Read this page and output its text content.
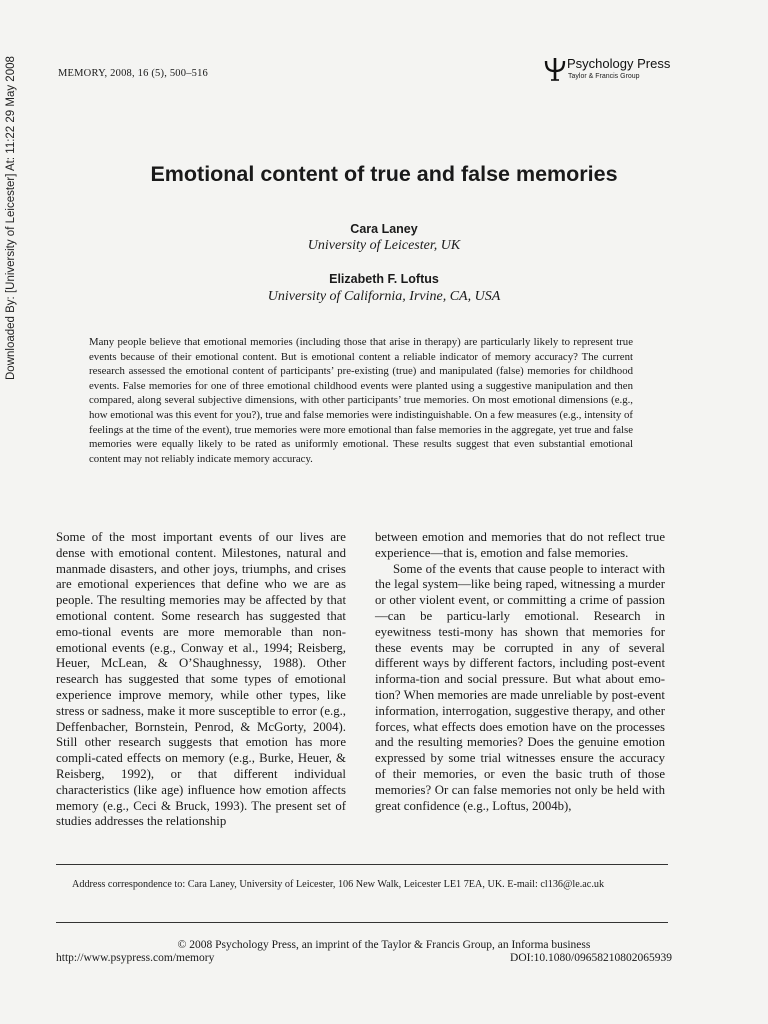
Downloaded By: [University of Leicester] At: 11:22 29 May 2008	MEMORY, 2008, 16 (5), 500–516
Psychology Press
Taylor & Francis Group
Emotional content of true and false memories
Cara Laney
University of Leicester, UK
Elizabeth F. Loftus
University of California, Irvine, CA, USA

Many people believe that emotional memories (including those that arise in therapy) are particularly likely to represent true events because of their emotional content. But is emotional content a reliable indicator of memory accuracy? The current research assessed the emotional content of participants’ pre-existing (true) and manipulated (false) memories for childhood events. False memories for one of three emotional childhood events were planted using a suggestive manipulation and then compared, along several subjective dimensions, with other participants’ true memories. On most emotional dimensions (e.g., how emotional was this event for you?), true and false memories were indistinguishable. On a few measures (e.g., intensity of feelings at the time of the event), true memories were more emotional than false memories in the aggregate, yet true and false memories were equally likely to be rated as uniformly emotional. These results suggest that even substantial emotional content may not reliably indicate memory accuracy.

Some of the most important events of our lives are dense with emotional content. Milestones, natural and manmade disasters, and other joys, triumphs, and crises are emotional experiences that define who we are as people. The resulting memories may be affected by that emotional content. Some research has suggested that emo-tional events are more memorable than non-emotional events (e.g., Conway et al., 1994; Reisberg, Heuer, McLean, & O’Shaughnessy, 1988). Other research has suggested that some types of emotional experience improve memory, while other types, like stress or sadness, make it more susceptible to error (e.g., Deffenbacher, Bornstein, Penrod, & McGorty, 2004). Still other research suggests that emotion has more compli-cated effects on memory (e.g., Burke, Heuer, & Reisberg, 1992), or that different individual characteristics (like age) influence how emotion affects memory (e.g., Ceci & Bruck, 1993). The present set of studies addresses the relationship

between emotion and memories that do not reflect true experience—that is, emotion and false memories.

Some of the events that cause people to interact with the legal system—like being raped, witnessing a murder or other violent event, or committing a crime of passion—can be particu-larly emotional. Research in eyewitness testi-mony has shown that memories for these events may be corrupted in any of several different ways by different factors, including post-event informa-tion and social pressure. But what about emo-tion? When memories are made unreliable by post-event information, interrogation, suggestive therapy, and other forces, what effects does emotion have on the processes and the resulting memories? Does the genuine emotion expressed by some trial witnesses ensure the accuracy of their memories, or even the basic truth of those memories? Or can false memories not only be held with great confidence (e.g., Loftus, 2004b),

Address correspondence to: Cara Laney, University of Leicester, 106 New Walk, Leicester LE1 7EA, UK. E-mail: cl136@le.ac.uk
© 2008 Psychology Press, an imprint of the Taylor & Francis Group, an Informa business
http://www.psypress.com/memory	DOI:10.1080/09658210802065939
